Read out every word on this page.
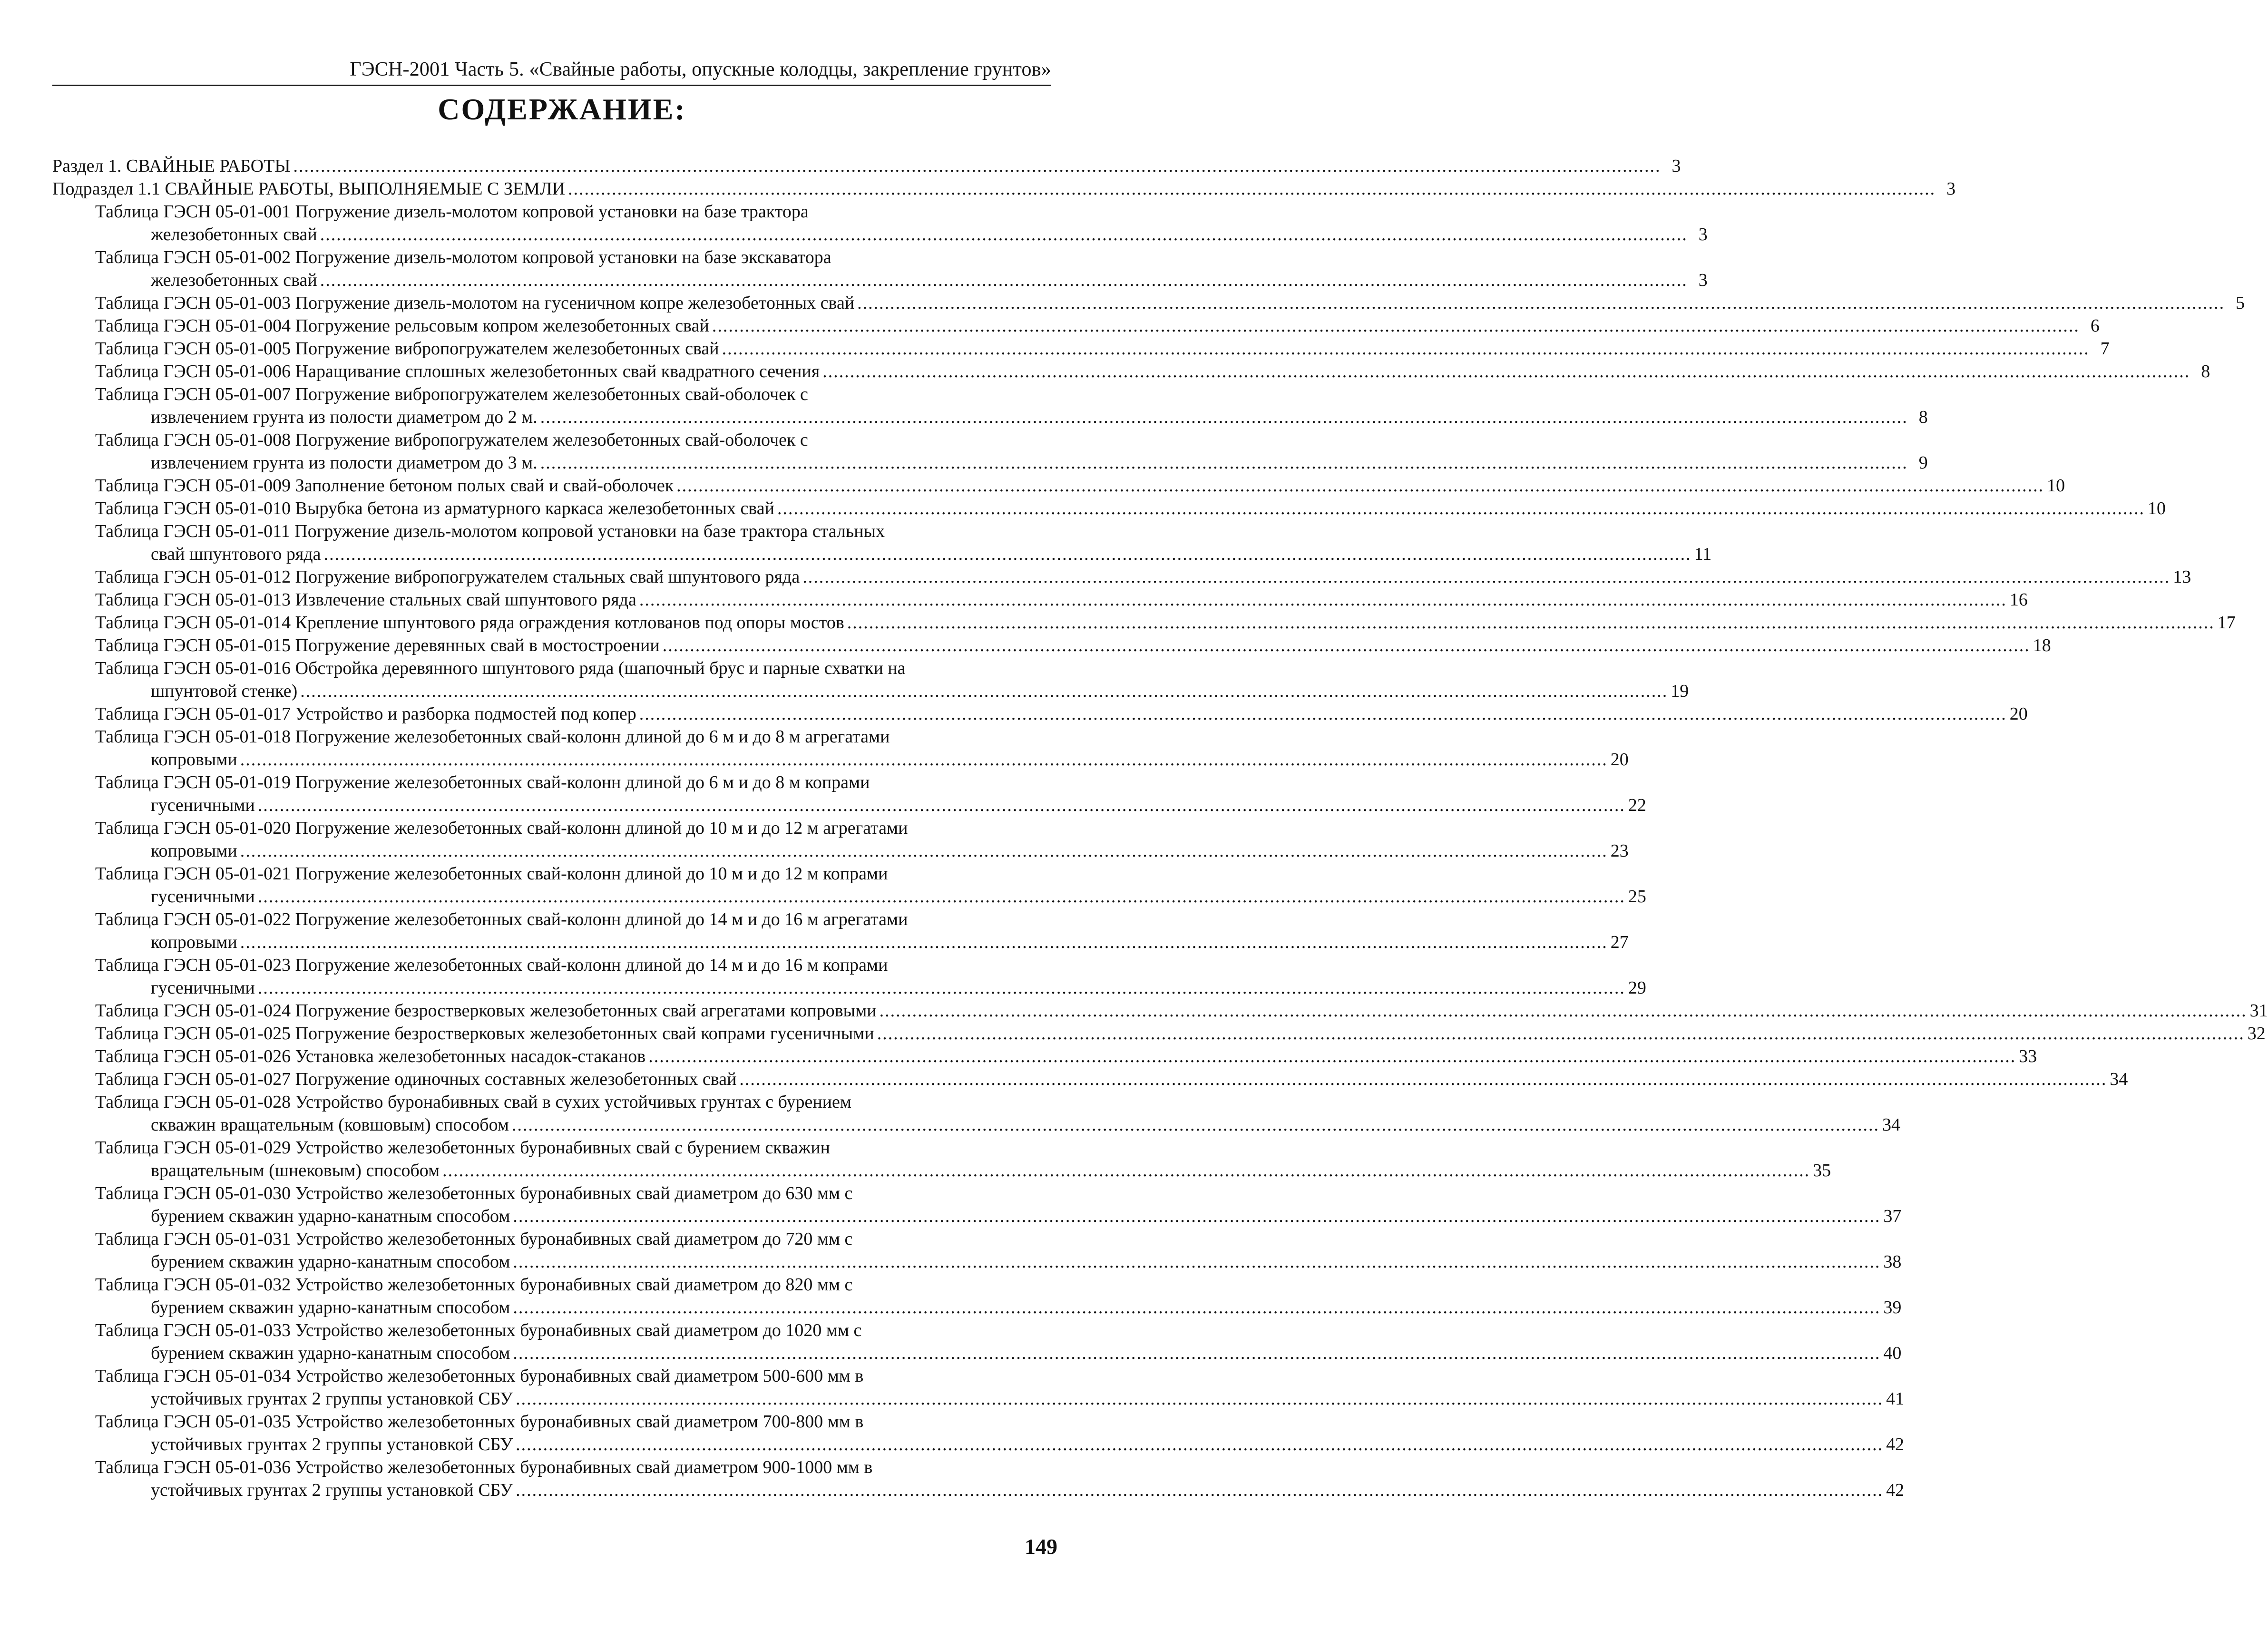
ГЭСН-2001 Часть 5. «Свайные работы, опускные колодцы, закрепление грунтов»
СОДЕРЖАНИЕ:
Раздел 1. СВАЙНЫЕ РАБОТЫ .....	3
Подраздел 1.1 СВАЙНЫЕ РАБОТЫ, ВЫПОЛНЯЕМЫЕ С ЗЕМЛИ .....	3
Таблица ГЭСН 05-01-001 Погружение дизель-молотом копровой установки на базе трактора
железобетонных свай .....	3
Таблица ГЭСН 05-01-002 Погружение дизель-молотом копровой установки на базе экскаватора
железобетонных свай .....	3
Таблица ГЭСН 05-01-003 Погружение дизель-молотом на гусеничном копре железобетонных свай .....	5
Таблица ГЭСН 05-01-004 Погружение рельсовым копром железобетонных свай .....	6
Таблица ГЭСН 05-01-005 Погружение вибропогружателем железобетонных свай .....	7
Таблица ГЭСН 05-01-006 Наращивание сплошных железобетонных свай квадратного сечения .....	8
Таблица ГЭСН 05-01-007 Погружение вибропогружателем железобетонных свай-оболочек с
извлечением грунта из полости диаметром до 2 м. .....	8
Таблица ГЭСН 05-01-008 Погружение вибропогружателем железобетонных свай-оболочек с
извлечением грунта из полости диаметром до 3 м. .....	9
Таблица ГЭСН 05-01-009 Заполнение бетоном полых свай и свай-оболочек .....	10
Таблица ГЭСН 05-01-010 Вырубка бетона из арматурного каркаса железобетонных свай .....	10
Таблица ГЭСН 05-01-011 Погружение дизель-молотом копровой установки на базе трактора стальных
свай шпунтового ряда .....	11
Таблица ГЭСН 05-01-012 Погружение вибропогружателем стальных свай шпунтового ряда .....	13
Таблица ГЭСН 05-01-013 Извлечение стальных свай шпунтового ряда .....	16
Таблица ГЭСН 05-01-014 Крепление шпунтового ряда ограждения котлованов под опоры мостов .....	17
Таблица ГЭСН 05-01-015 Погружение деревянных свай в мостостроении .....	18
Таблица ГЭСН 05-01-016 Обстройка деревянного шпунтового ряда (шапочный брус и парные схватки на
шпунтовой стенке) .....	19
Таблица ГЭСН 05-01-017 Устройство и разборка подмостей под копер .....	20
Таблица ГЭСН 05-01-018 Погружение железобетонных свай-колонн длиной до 6 м и до 8 м агрегатами
копровыми .....	20
Таблица ГЭСН 05-01-019 Погружение железобетонных свай-колонн длиной до 6 м и до 8 м копрами
гусеничными .....	22
Таблица ГЭСН 05-01-020 Погружение железобетонных свай-колонн длиной до 10 м и до 12 м агрегатами
копровыми .....	23
Таблица ГЭСН 05-01-021 Погружение железобетонных свай-колонн длиной до 10 м и до 12 м копрами
гусеничными .....	25
Таблица ГЭСН 05-01-022 Погружение железобетонных свай-колонн длиной до 14 м и до 16 м агрегатами
копровыми .....	27
Таблица ГЭСН 05-01-023 Погружение железобетонных свай-колонн длиной до 14 м и до 16 м копрами
гусеничными .....	29
Таблица ГЭСН 05-01-024 Погружение безростверковых железобетонных свай агрегатами копровыми .....	31
Таблица ГЭСН 05-01-025 Погружение безростверковых железобетонных свай копрами гусеничными .....	32
Таблица ГЭСН 05-01-026 Установка железобетонных насадок-стаканов .....	33
Таблица ГЭСН 05-01-027 Погружение одиночных составных железобетонных свай .....	34
Таблица ГЭСН 05-01-028 Устройство буронабивных свай в сухих устойчивых грунтах с бурением
скважин вращательным (ковшовым) способом .....	34
Таблица ГЭСН 05-01-029 Устройство железобетонных буронабивных свай с бурением скважин
вращательным (шнековым) способом .....	35
Таблица ГЭСН 05-01-030 Устройство железобетонных буронабивных свай диаметром до 630 мм с
бурением скважин ударно-канатным способом .....	37
Таблица ГЭСН 05-01-031 Устройство железобетонных буронабивных свай диаметром до 720 мм с
бурением скважин ударно-канатным способом .....	38
Таблица ГЭСН 05-01-032 Устройство железобетонных буронабивных свай диаметром до 820 мм с
бурением скважин ударно-канатным способом .....	39
Таблица ГЭСН 05-01-033 Устройство железобетонных буронабивных свай диаметром до 1020 мм с
бурением скважин ударно-канатным способом .....	40
Таблица ГЭСН 05-01-034 Устройство железобетонных буронабивных свай диаметром 500-600 мм в
устойчивых грунтах 2 группы установкой СБУ .....	41
Таблица ГЭСН 05-01-035 Устройство железобетонных буронабивных свай диаметром 700-800 мм в
устойчивых грунтах 2 группы установкой СБУ .....	42
Таблица ГЭСН 05-01-036 Устройство железобетонных буронабивных свай диаметром 900-1000 мм в
устойчивых грунтах 2 группы установкой СБУ .....	42
149
